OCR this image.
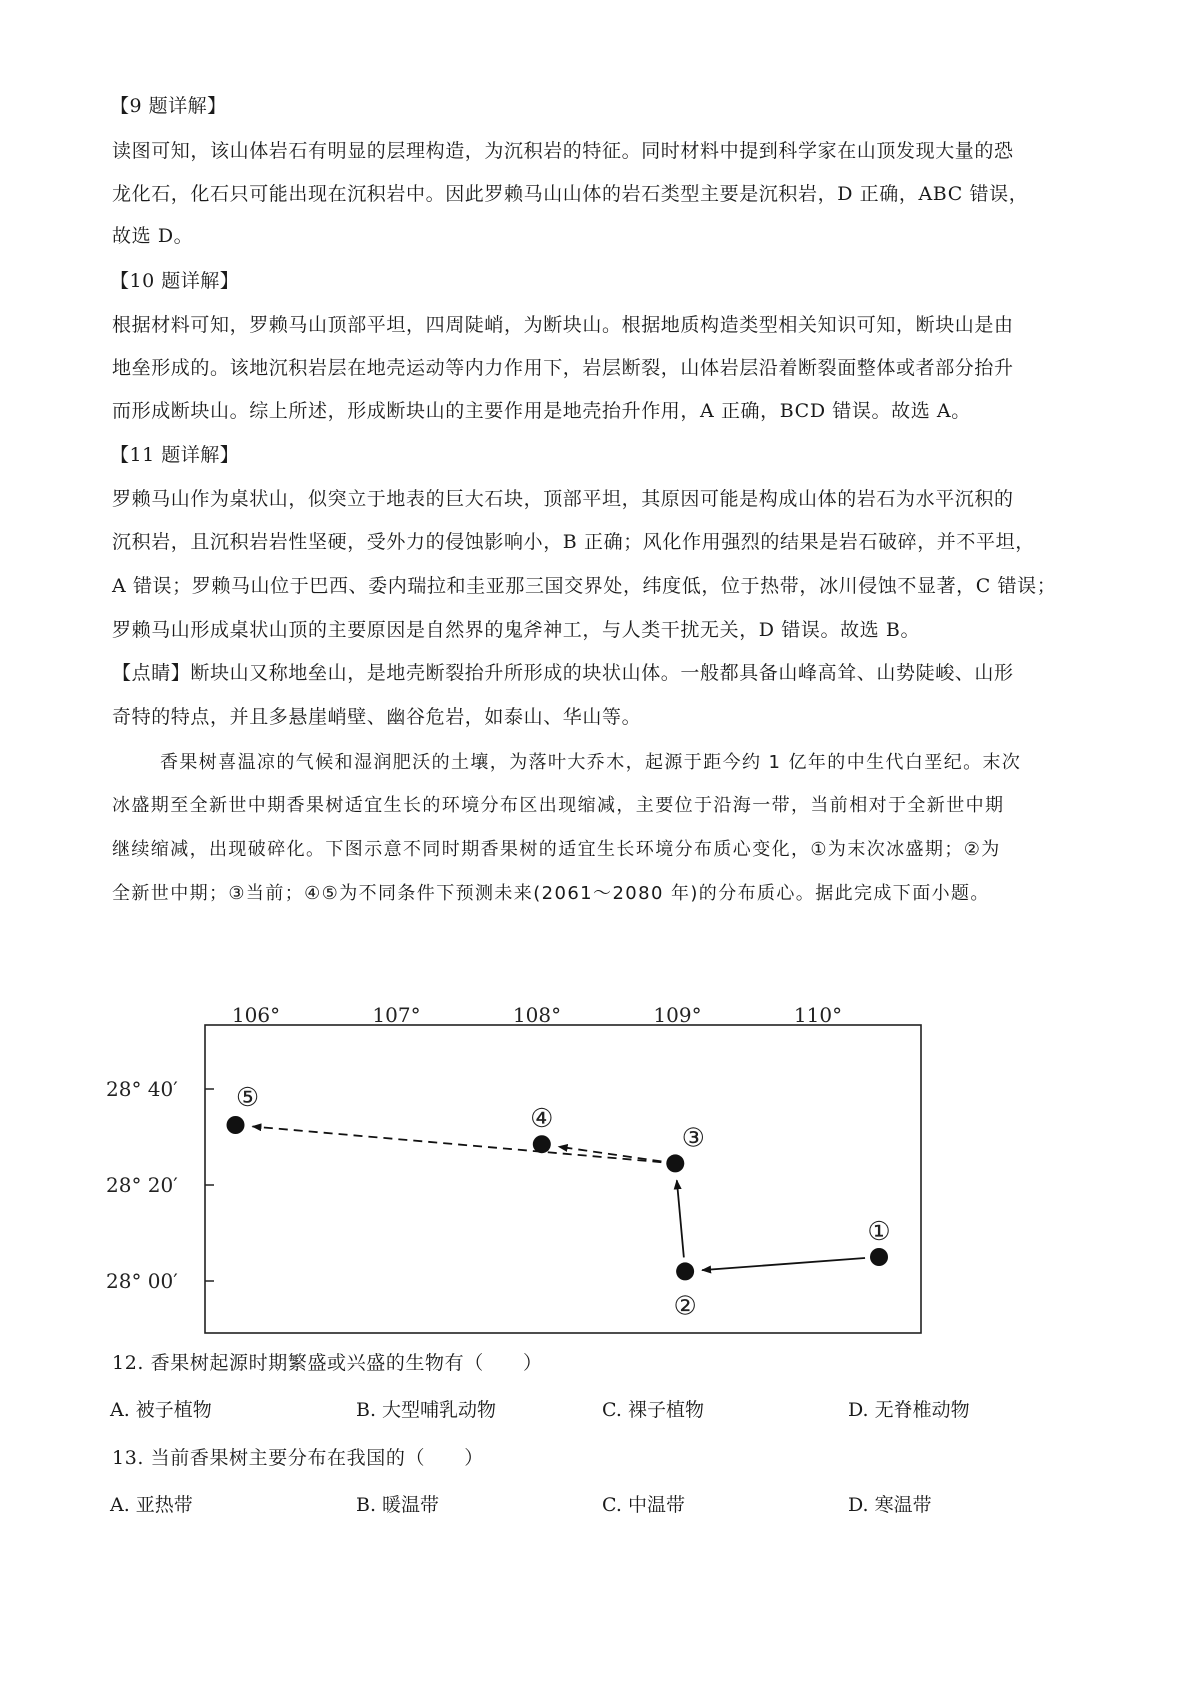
【9 题详解】
读图可知，该山体岩石有明显的层理构造，为沉积岩的特征。同时材料中提到科学家在山顶发现大量的恐
龙化石，化石只可能出现在沉积岩中。因此罗赖马山山体的岩石类型主要是沉积岩，D 正确，ABC 错误，
故选 D。
【10 题详解】
根据材料可知，罗赖马山顶部平坦，四周陡峭，为断块山。根据地质构造类型相关知识可知，断块山是由
地垒形成的。该地沉积岩层在地壳运动等内力作用下，岩层断裂，山体岩层沿着断裂面整体或者部分抬升
而形成断块山。综上所述，形成断块山的主要作用是地壳抬升作用，A 正确，BCD 错误。故选 A。
【11 题详解】
罗赖马山作为桌状山，似突立于地表的巨大石块，顶部平坦，其原因可能是构成山体的岩石为水平沉积的
沉积岩，且沉积岩岩性坚硬，受外力的侵蚀影响小，B 正确；风化作用强烈的结果是岩石破碎，并不平坦，
A 错误；罗赖马山位于巴西、委内瑞拉和圭亚那三国交界处，纬度低，位于热带，冰川侵蚀不显著，C 错误；
罗赖马山形成桌状山顶的主要原因是自然界的鬼斧神工，与人类干扰无关，D 错误。故选 B。
【点睛】断块山又称地垒山，是地壳断裂抬升所形成的块状山体。一般都具备山峰高耸、山势陡峻、山形
奇特的特点，并且多悬崖峭壁、幽谷危岩，如泰山、华山等。
香果树喜温凉的气候和湿润肥沃的土壤，为落叶大乔木，起源于距今约 1 亿年的中生代白垩纪。末次
冰盛期至全新世中期香果树适宜生长的环境分布区出现缩减，主要位于沿海一带，当前相对于全新世中期
继续缩减，出现破碎化。下图示意不同时期香果树的适宜生长环境分布质心变化，①为末次冰盛期；②为
全新世中期；③当前；④⑤为不同条件下预测未来(2061～2080 年)的分布质心。据此完成下面小题。
106°	107°	108°	109°	110°
28° 40′
28° 20′
28° 00′
①
②
③
④
⑤
12. 香果树起源时期繁盛或兴盛的生物有（　　）
A. 被子植物	B. 大型哺乳动物	C. 裸子植物	D. 无脊椎动物
13. 当前香果树主要分布在我国的（　　）
A. 亚热带	B. 暖温带	C. 中温带	D. 寒温带
